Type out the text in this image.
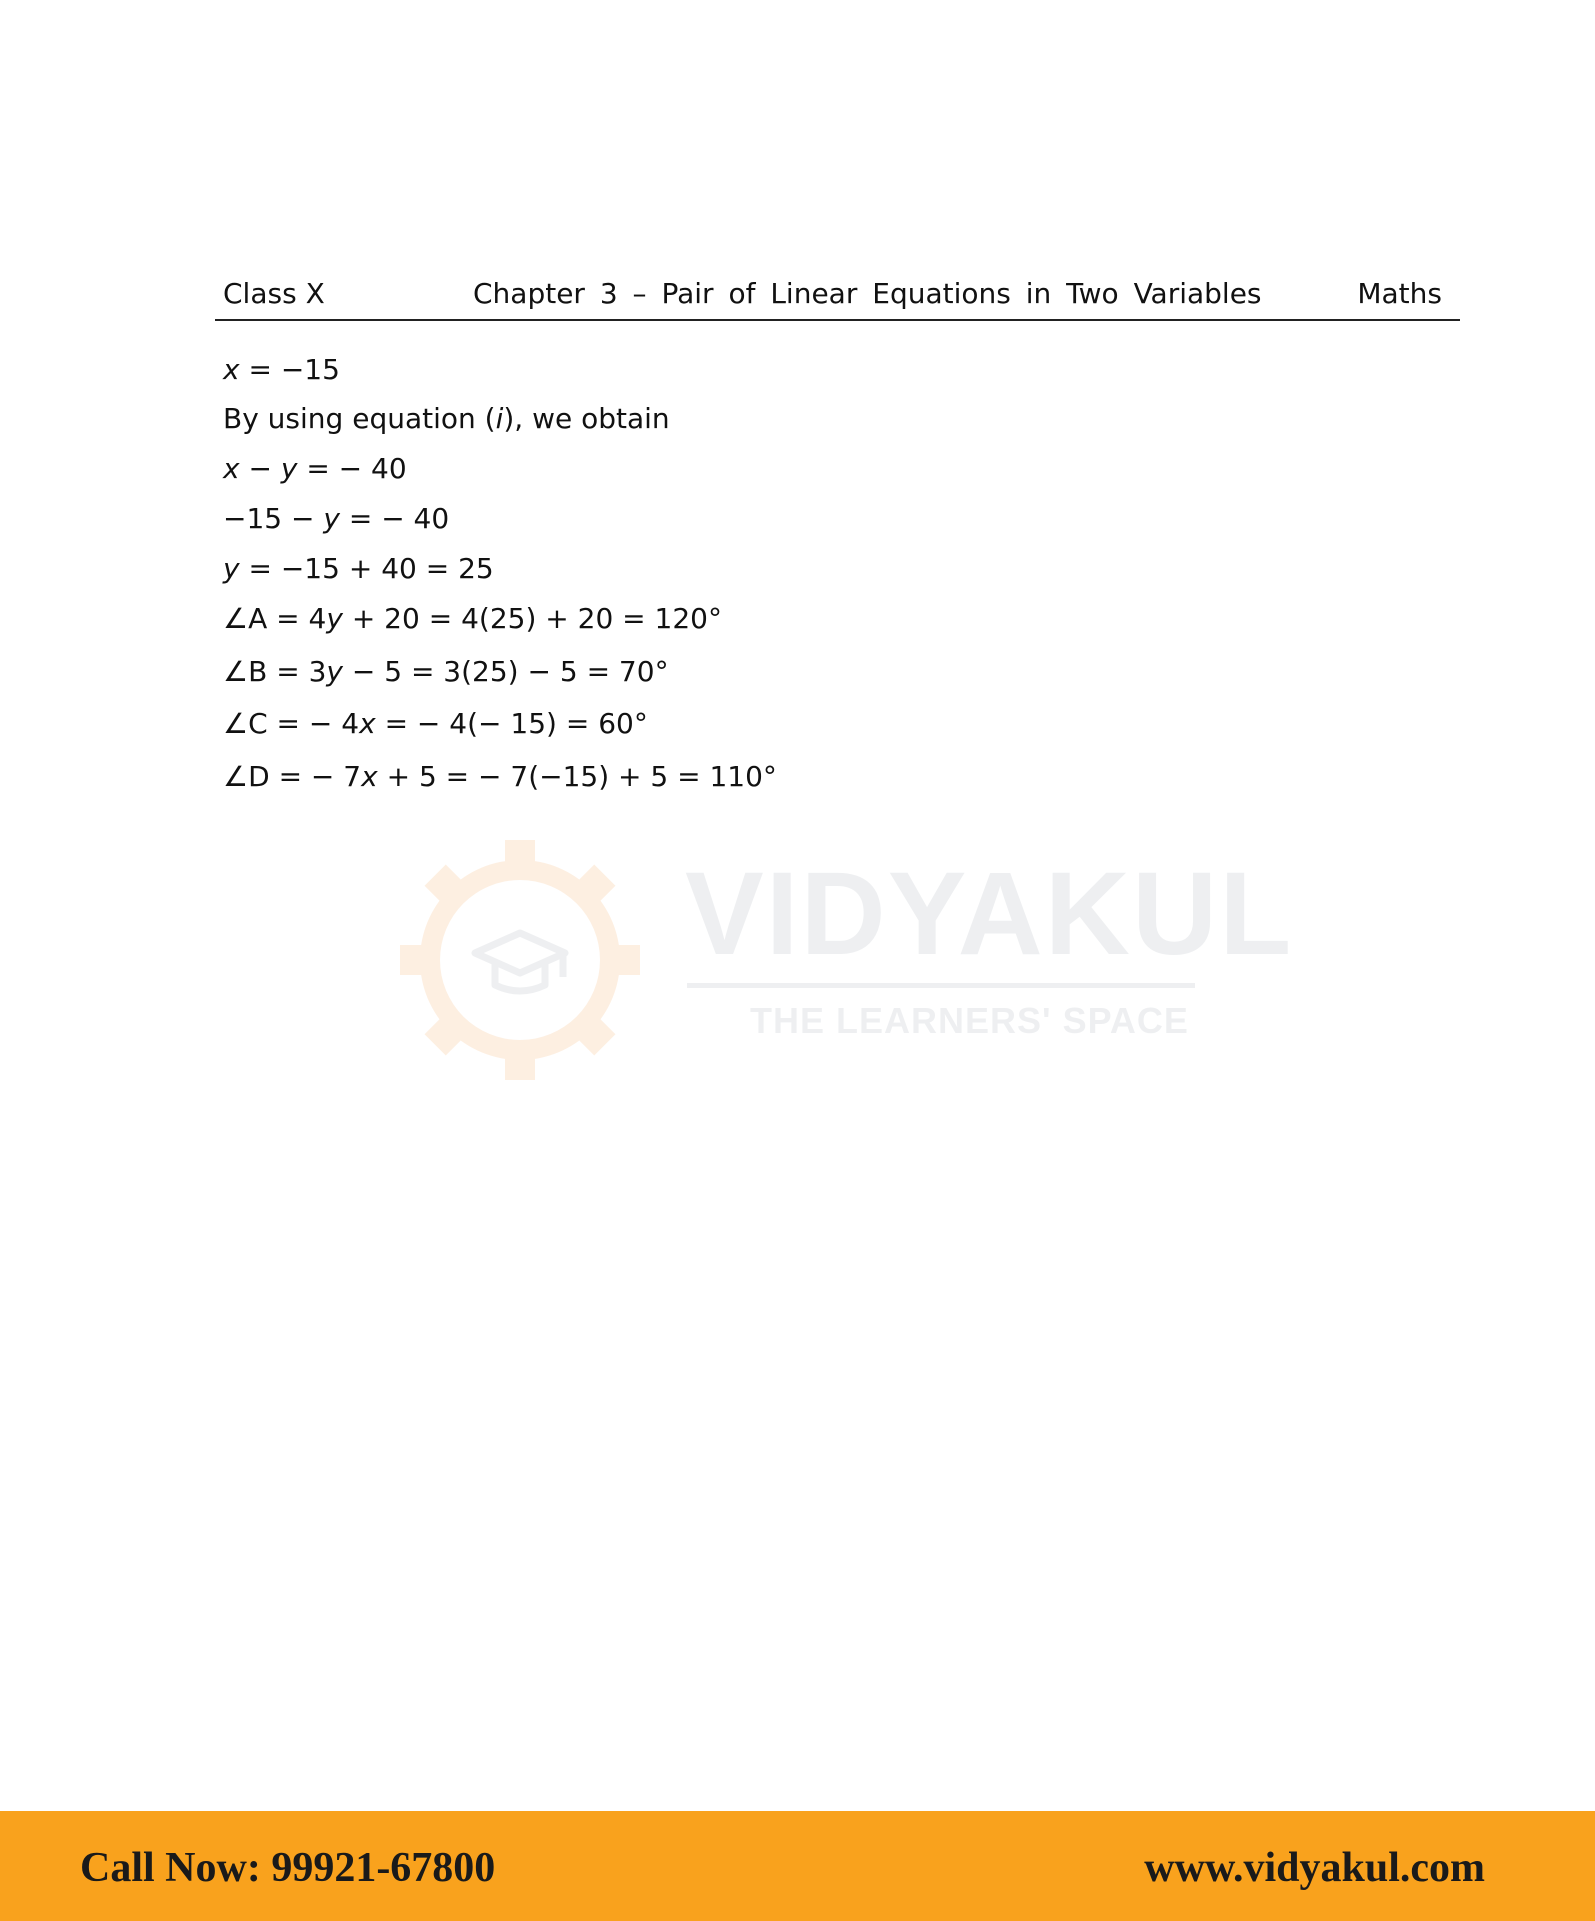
Class X	Chapter 3 – Pair of Linear Equations in Two Variables	Maths
x = −15
By using equation (i), we obtain
x − y = − 40
−15 − y = − 40
y = −15 + 40 = 25
∠A = 4y + 20 = 4(25) + 20 = 120°
∠B = 3y − 5 = 3(25) − 5 = 70°
∠C = − 4x = − 4(− 15) = 60°
∠D = − 7x + 5 = − 7(−15) + 5 = 110°
VIDYAKUL
THE LEARNERS' SPACE
Call Now: 99921-67800	www.vidyakul.com
